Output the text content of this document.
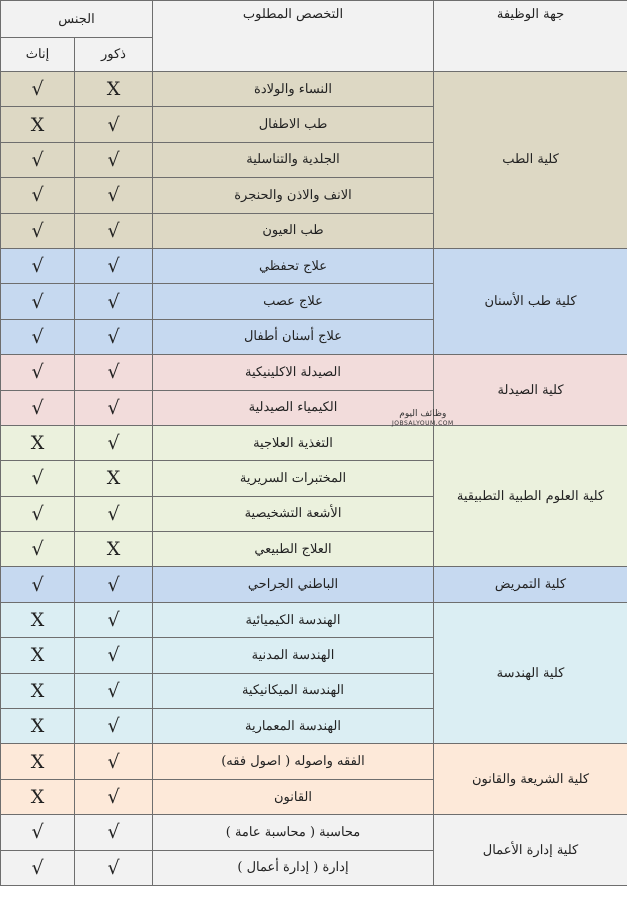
جهة الوظيفة	التخصص المطلوب	الجنس	
		ذكور	إناث
كلية الطب	النساء والولادة	X	√
	طب الاطفال	√	X
	الجلدية والتناسلية	√	√
	الانف والاذن والحنجرة	√	√
	طب العيون	√	√
كلية طب الأسنان	علاج تحفظي	√	√
	علاج عصب	√	√
	علاج أسنان أطفال	√	√
كلية الصيدلة	الصيدلة الاكلينيكية	√	√
	الكيمياء الصيدلية	√	√
كلية العلوم الطبية التطبيقية	التغذية العلاجية	√	X
	المختبرات السريرية	X	√
	الأشعة التشخيصية	√	√
	العلاج الطبيعي	X	√
كلية التمريض	الباطني الجراحي	√	√
كلية الهندسة	الهندسة الكيميائية	√	X
	الهندسة المدنية	√	X
	الهندسة الميكانيكية	√	X
	الهندسة المعمارية	√	X
كلية الشريعة والقانون	الفقه واصوله ( اصول فقه)	√	X
	القانون	√	X
كلية إدارة الأعمال	محاسبة ( محاسبة عامة )	√	√
	إدارة ( إدارة أعمال )	√	√
وظائف اليوم
JOBSALYOUM.COM
